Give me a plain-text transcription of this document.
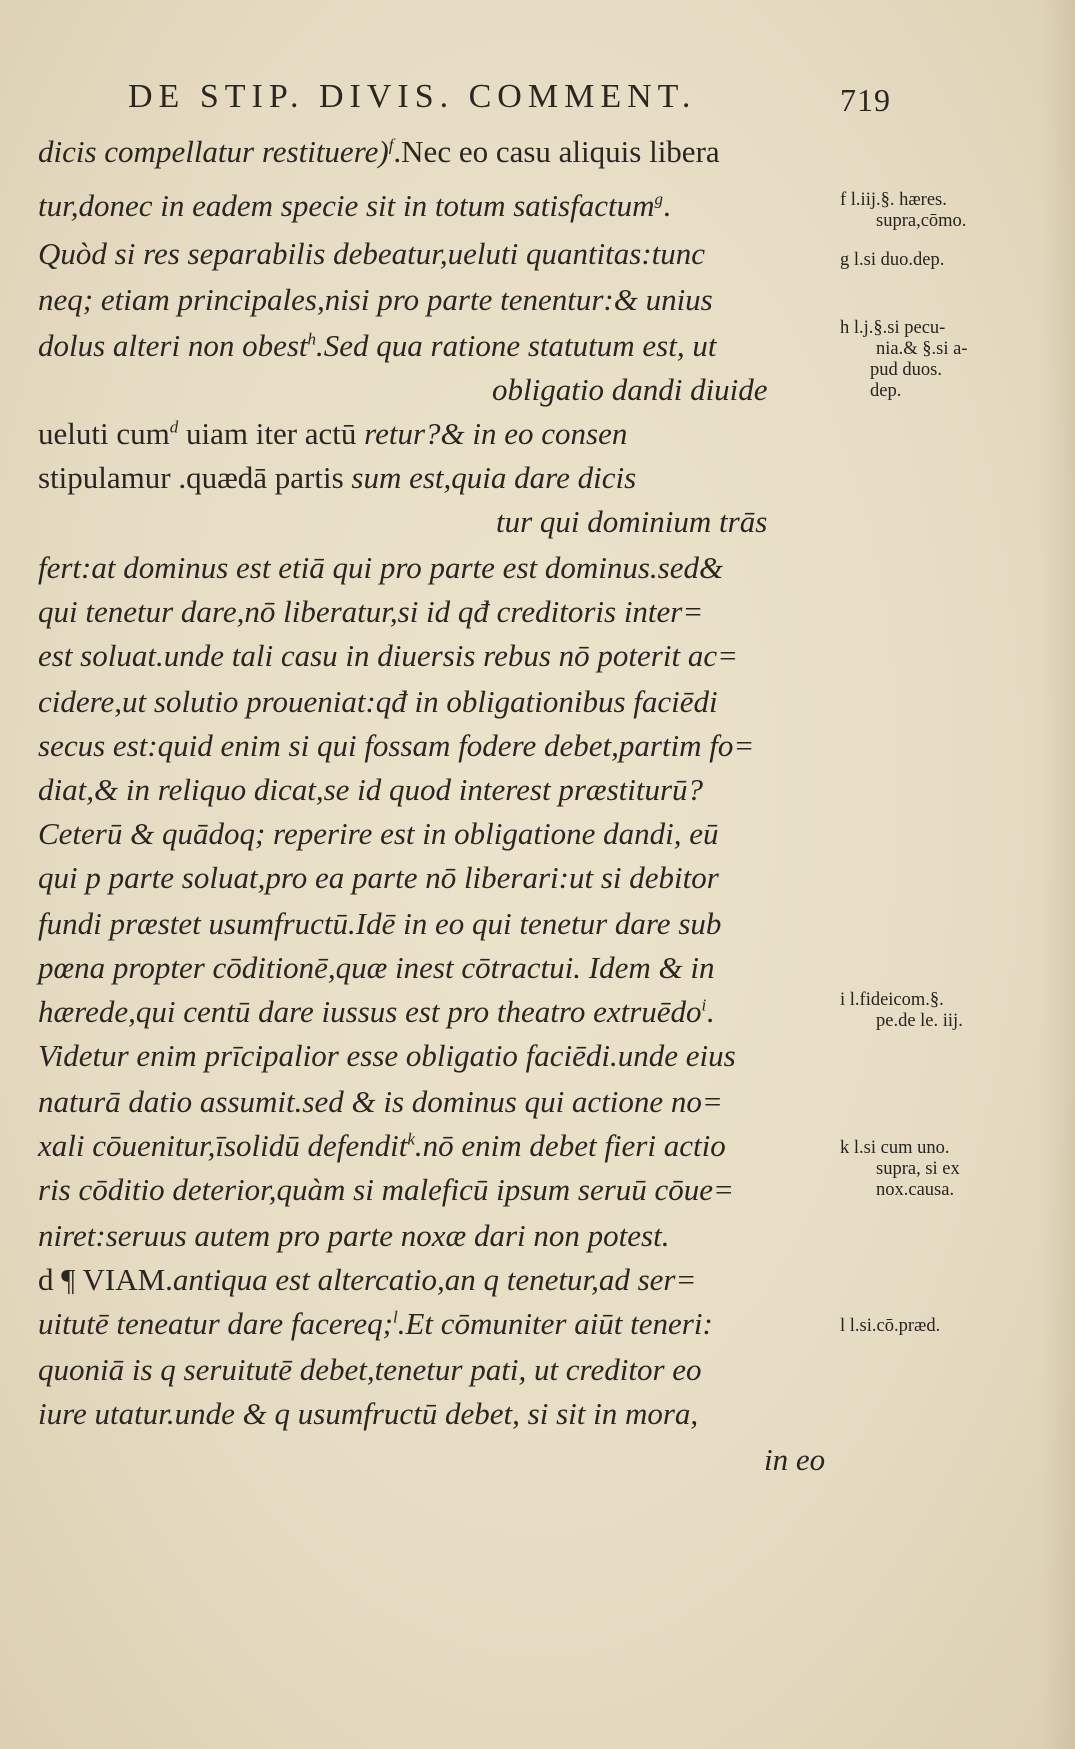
DE STIP. DIVIS. COMMENT.	719
dicis compellatur restituere)$^f$.Nec eo casu aliquis libera
tur,donec in eadem specie sit in totum satisfactum$^g$.
Quòd si res separabilis debeatur,ueluti quantitas:tunc
neq; etiam principales,nisi pro parte tenentur:& unius
dolus alteri non obest$^h$.Sed qua ratione statutum est, ut
obligatio dandi diuide
ueluti cum$^d$ uiam iter actū retur?& in eo consen
stipulamur .quædā partis sum est,quia dare dicis
tur qui dominium trās
fert:at dominus est etiā qui pro parte est dominus.sed&
qui tenetur dare,nō liberatur,si id qđ creditoris inter=
est soluat.unde tali casu in diuersis rebus nō poterit ac=
cidere,ut solutio proueniat:qđ in obligationibus faciēdi
secus est:quid enim si qui fossam fodere debet,partim fo=
diat,& in reliquo dicat,se id quod interest præstiturū?
Ceterū & quādoq; reperire est in obligatione dandi, eū
qui p parte soluat,pro ea parte nō liberari:ut si debitor
fundi præstet usumfructū.Idē in eo qui tenetur dare sub
pœna propter cōditionē,quæ inest cōtractui. Idem & in
hærede,qui centū dare iussus est pro theatro extruēdo$^i$.
Videtur enim prīcipalior esse obligatio faciēdi.unde eius
naturā datio assumit.sed & is dominus qui actione no=
xali cōuenitur,īsolidū defendit$^k$.nō enim debet fieri actio
ris cōditio deterior,quàm si maleficū ipsum seruū cōue=
niret:seruus autem pro parte noxæ dari non potest.
d ¶ VIAM.antiqua est altercatio,an q tenetur,ad ser=
uitutē teneatur dare facereq;$^l$.Et cōmuniter aiūt teneri:
quoniā is q seruitutē debet,tenetur pati, ut creditor eo
iure utatur.unde & q usumfructū debet, si sit in mora,
in eo
f l.iij.§. hæres.
supra,cōmo.
g l.si duo.dep.
h l.j.§.si pecu-
nia.& §.si a-
pud duos.
dep.
i l.fideicom.§.
pe.de le. iij.
k l.si cum uno.
supra, si ex
nox.causa.
l l.si.cō.præd.
